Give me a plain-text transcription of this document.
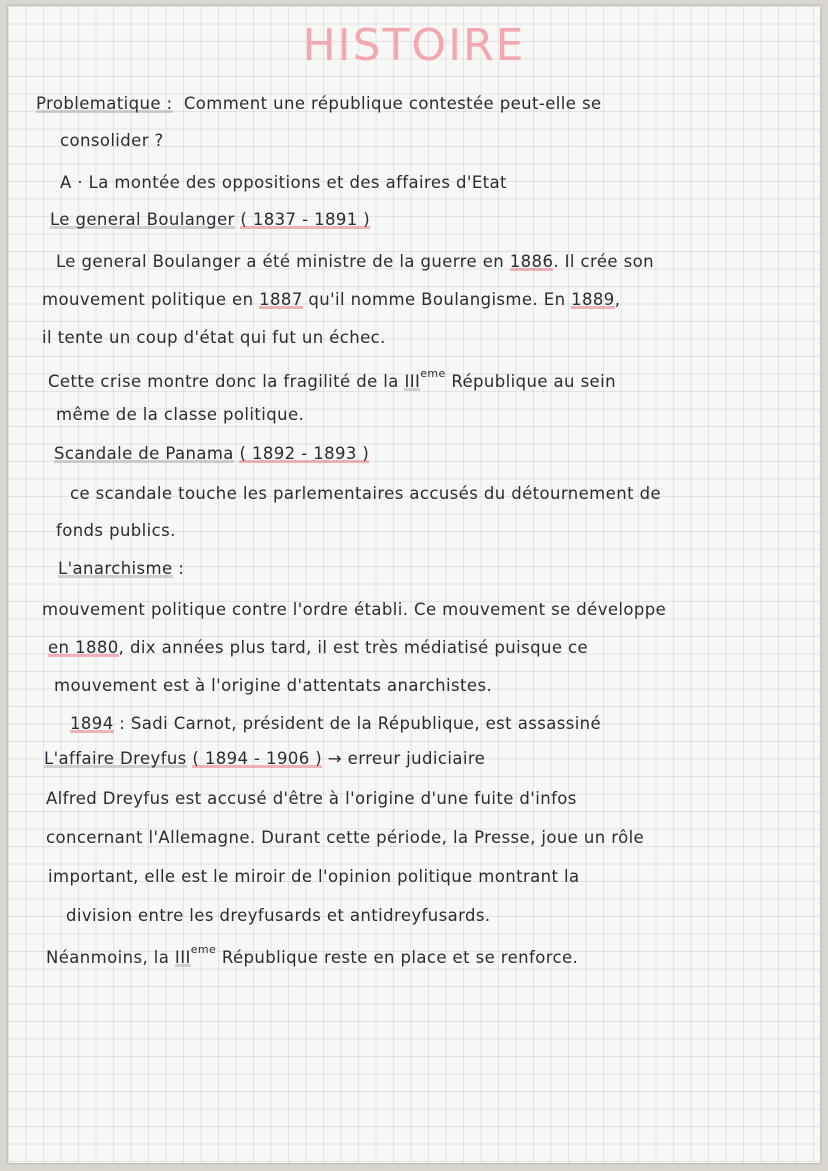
HISTOIRE
Problematique : Comment une république contestée peut-elle se
consolider ?
A · La montée des oppositions et des affaires d'Etat
Le general Boulanger ( 1837 - 1891 )
Le general Boulanger a été ministre de la guerre en 1886. Il crée son
mouvement politique en 1887 qu'il nomme Boulangisme. En 1889,
il tente un coup d'état qui fut un échec.
Cette crise montre donc la fragilité de la IIIeme République au sein
même de la classe politique.
Scandale de Panama ( 1892 - 1893 )
ce scandale touche les parlementaires accusés du détournement de
fonds publics.
L'anarchisme :
mouvement politique contre l'ordre établi. Ce mouvement se développe
en 1880, dix années plus tard, il est très médiatisé puisque ce
mouvement est à l'origine d'attentats anarchistes.
1894 : Sadi Carnot, président de la République, est assassiné
L'affaire Dreyfus ( 1894 - 1906 ) → erreur judiciaire
Alfred Dreyfus est accusé d'être à l'origine d'une fuite d'infos
concernant l'Allemagne. Durant cette période, la Presse, joue un rôle
important, elle est le miroir de l'opinion politique montrant la
division entre les dreyfusards et antidreyfusards.
Néanmoins, la IIIeme République reste en place et se renforce.
